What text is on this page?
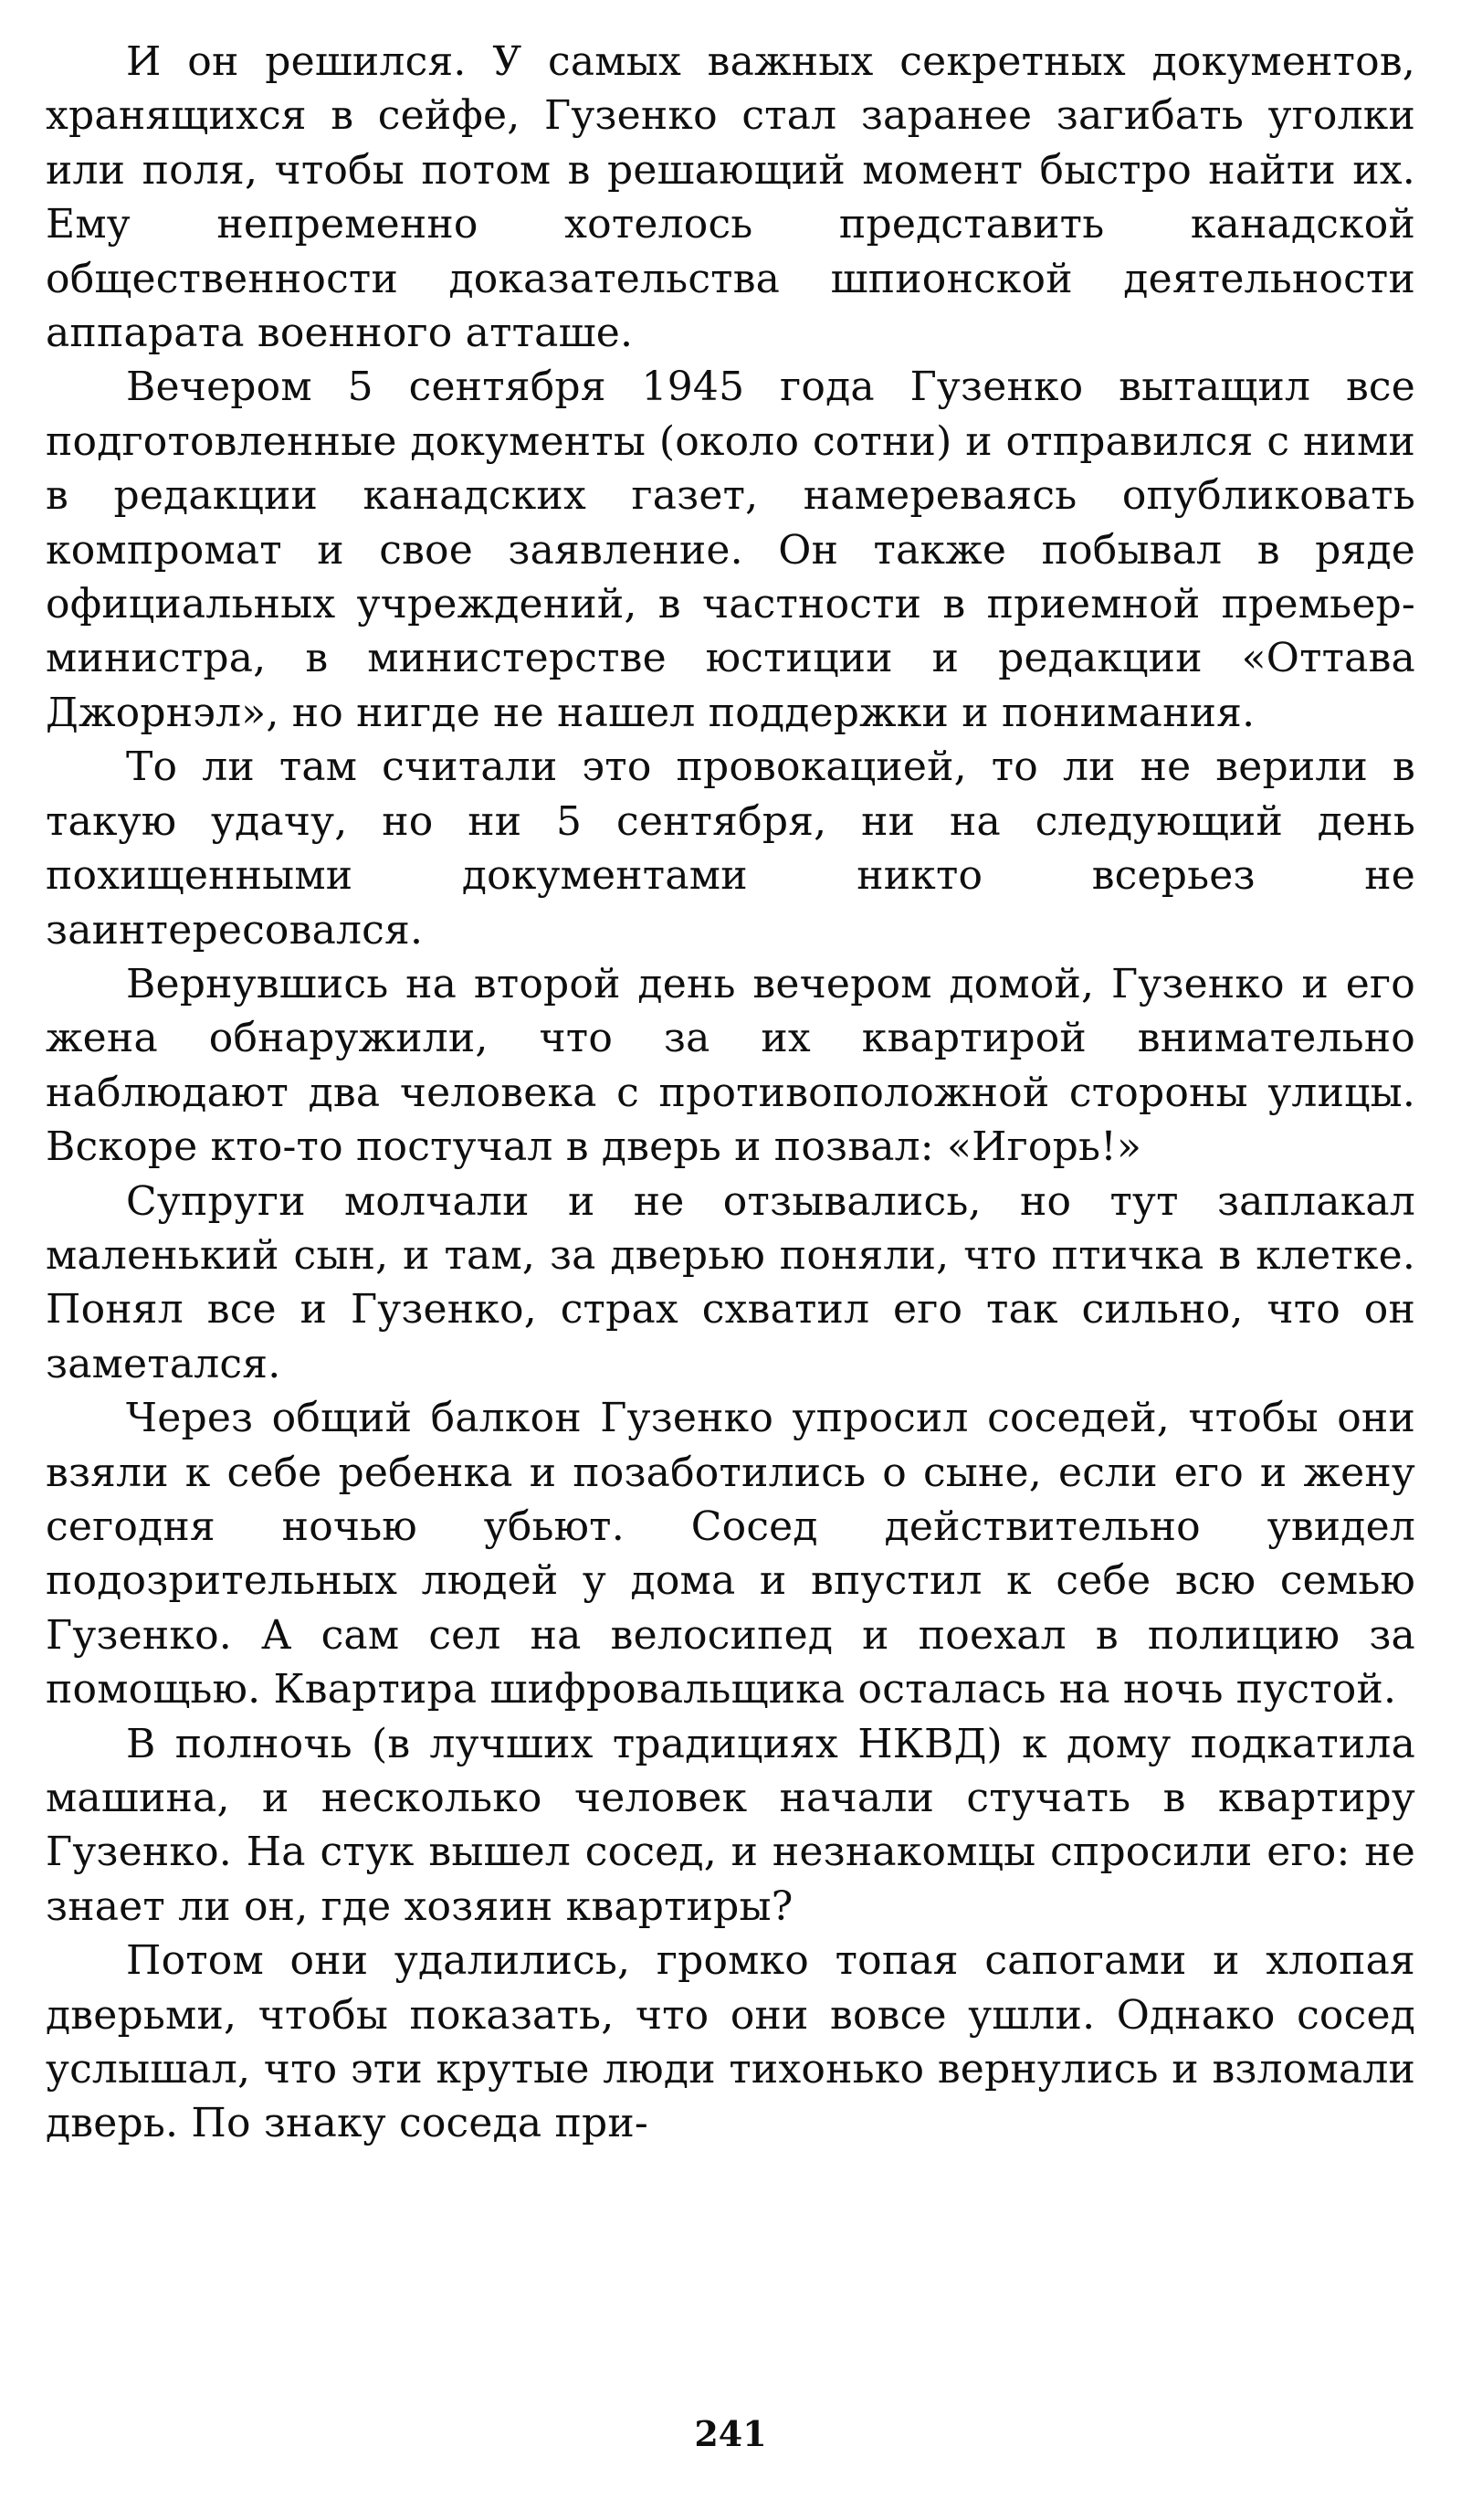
И он решился. У самых важных секретных документов, хранящихся в сейфе, Гузенко стал заранее загибать уголки или поля, чтобы потом в решающий момент быстро найти их. Ему непременно хотелось представить канадской общественности доказательства шпионской деятельности аппарата военного атташе.

Вечером 5 сентября 1945 года Гузенко вытащил все подготовленные документы (около сотни) и отправился с ними в редакции канадских газет, намереваясь опубликовать компромат и свое заявление. Он также побывал в ряде официальных учреждений, в частности в приемной премьер-министра, в министерстве юстиции и редакции «Оттава Джорнэл», но нигде не нашел поддержки и понимания.

То ли там считали это провокацией, то ли не верили в такую удачу, но ни 5 сентября, ни на следующий день похищенными документами никто всерьез не заинтересовался.

Вернувшись на второй день вечером домой, Гузенко и его жена обнаружили, что за их квартирой внимательно наблюдают два человека с противоположной стороны улицы. Вскоре кто-то постучал в дверь и позвал: «Игорь!»

Супруги молчали и не отзывались, но тут заплакал маленький сын, и там, за дверью поняли, что птичка в клетке. Понял все и Гузенко, страх схватил его так сильно, что он заметался.

Через общий балкон Гузенко упросил соседей, чтобы они взяли к себе ребенка и позаботились о сыне, если его и жену сегодня ночью убьют. Сосед действительно увидел подозрительных людей у дома и впустил к себе всю семью Гузенко. А сам сел на велосипед и поехал в полицию за помощью. Квартира шифровальщика осталась на ночь пустой.

В полночь (в лучших традициях НКВД) к дому подкатила машина, и несколько человек начали стучать в квартиру Гузенко. На стук вышел сосед, и незнакомцы спросили его: не знает ли он, где хозяин квартиры?

Потом они удалились, громко топая сапогами и хлопая дверьми, чтобы показать, что они вовсе ушли. Однако сосед услышал, что эти крутые люди тихонько вернулись и взломали дверь. По знаку соседа при-

241
